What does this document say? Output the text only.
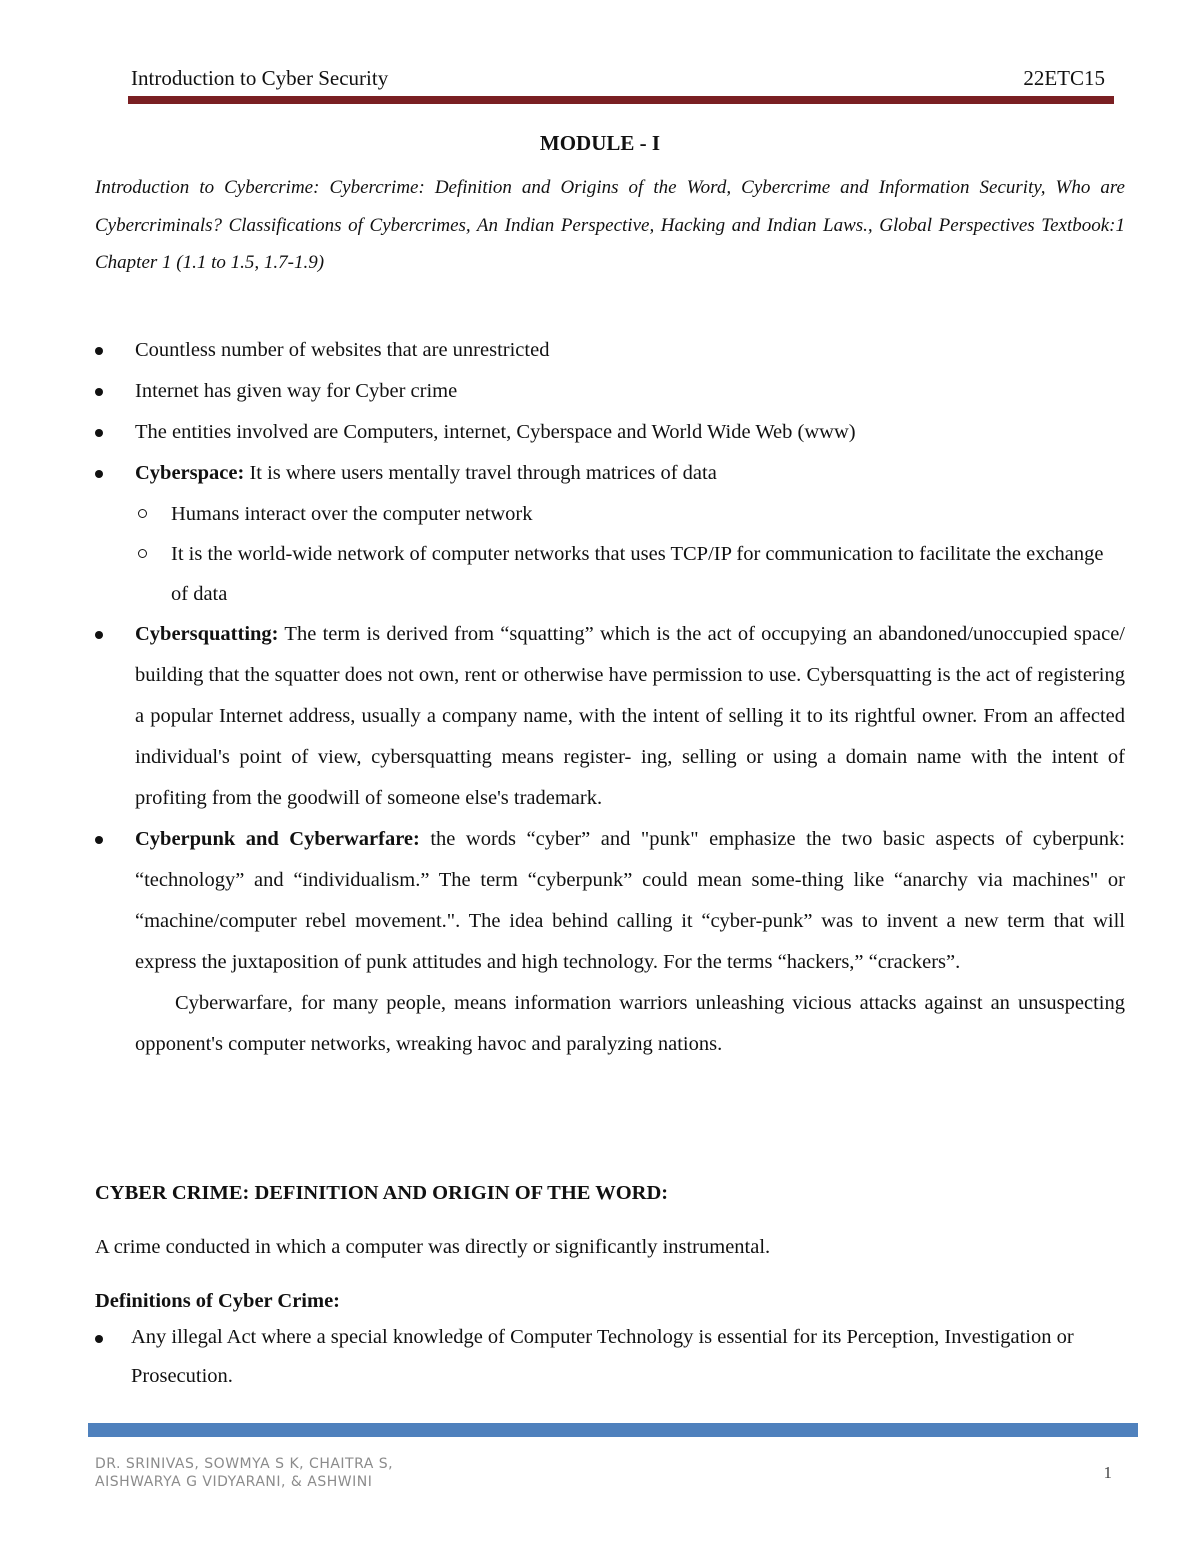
Introduction to Cyber Security	22ETC15
MODULE - I
Introduction to Cybercrime: Cybercrime: Definition and Origins of the Word, Cybercrime and Information Security, Who are Cybercriminals? Classifications of Cybercrimes, An Indian Perspective, Hacking and Indian Laws., Global Perspectives Textbook:1 Chapter 1 (1.1 to 1.5, 1.7-1.9)
Countless number of websites that are unrestricted
Internet has given way for Cyber crime
The entities involved are Computers, internet, Cyberspace and World Wide Web (www)
Cyberspace: It is where users mentally travel through matrices of data
Humans interact over the computer network
It is the world-wide network of computer networks that uses TCP/IP for communication to facilitate the exchange of data
Cybersquatting: The term is derived from “squatting” which is the act of occupying an abandoned/unoccupied space/ building that the squatter does not own, rent or otherwise have permission to use. Cybersquatting is the act of registering a popular Internet address, usually a company name, with the intent of selling it to its rightful owner. From an affected individual's point of view, cybersquatting means register- ing, selling or using a domain name with the intent of profiting from the goodwill of someone else's trademark.
Cyberpunk and Cyberwarfare: the words “cyber” and "punk" emphasize the two basic aspects of cyberpunk: “technology” and “individualism.” The term “cyberpunk” could mean some-thing like “anarchy via machines" or “machine/computer rebel movement.". The idea behind calling it “cyber-punk” was to invent a new term that will express the juxtaposition of punk attitudes and high technology. For the terms “hackers,” “crackers”.
Cyberwarfare, for many people, means information warriors unleashing vicious attacks against an unsuspecting opponent's computer networks, wreaking havoc and paralyzing nations.
CYBER CRIME: DEFINITION AND ORIGIN OF THE WORD:
A crime conducted in which a computer was directly or significantly instrumental.
Definitions of Cyber Crime:
Any illegal Act where a special knowledge of Computer Technology is essential for its Perception, Investigation or Prosecution.
DR. SRINIVAS, SOWMYA S K, CHAITRA S,
AISHWARYA G VIDYARANI, & ASHWINI	1
